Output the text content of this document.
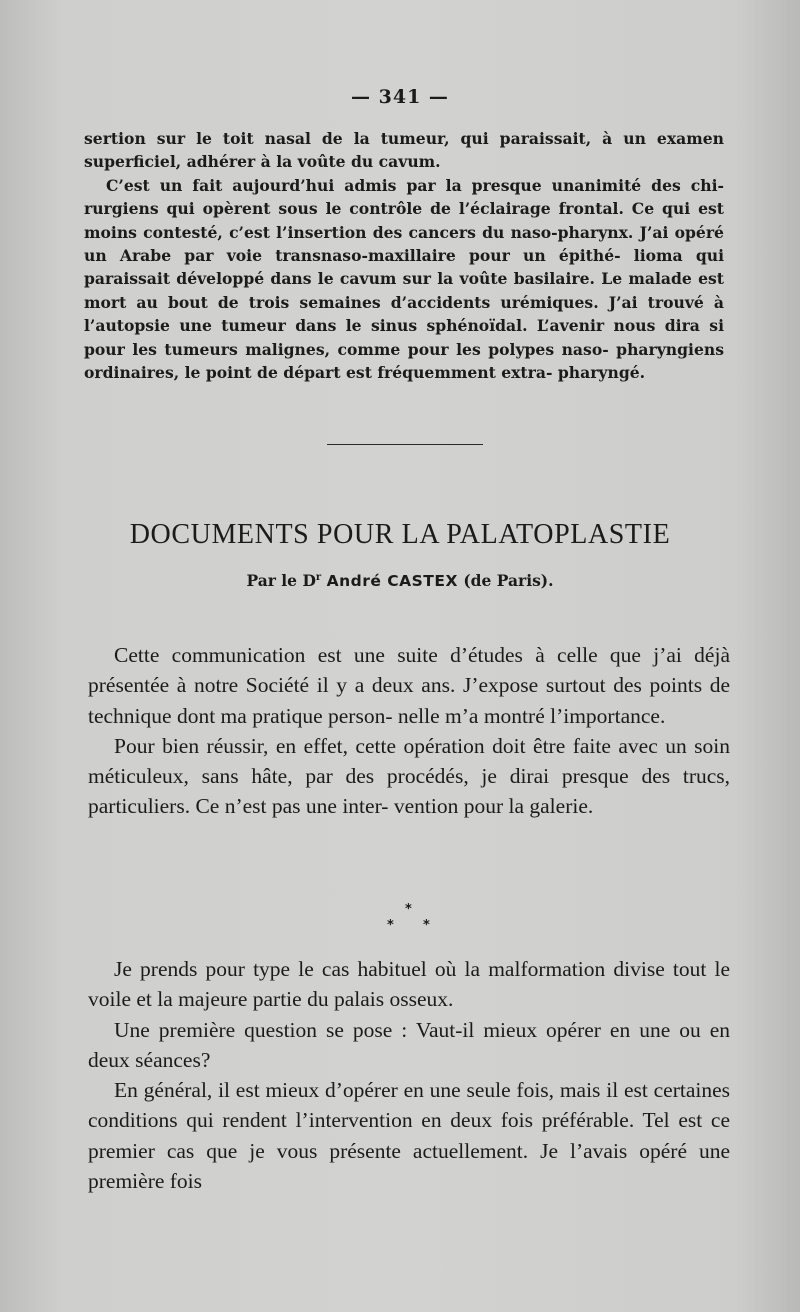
— 341 —

sertion sur le toit nasal de la tumeur, qui paraissait, à un examen superficiel, adhérer à la voûte du cavum.

C’est un fait aujourd’hui admis par la presque unanimité des chi- rurgiens qui opèrent sous le contrôle de l’éclairage frontal. Ce qui est moins contesté, c’est l’insertion des cancers du naso-pharynx. J’ai opéré un Arabe par voie transnaso-maxillaire pour un épithé- lioma qui paraissait développé dans le cavum sur la voûte basilaire. Le malade est mort au bout de trois semaines d’accidents urémiques. J’ai trouvé à l’autopsie une tumeur dans le sinus sphénoïdal. L’avenir nous dira si pour les tumeurs malignes, comme pour les polypes naso- pharyngiens ordinaires, le point de départ est fréquemment extra- pharyngé.

DOCUMENTS POUR LA PALATOPLASTIE
Par le $D^r$ André CASTEX (de Paris).

Cette communication est une suite d’études à celle que j’ai déjà présentée à notre Société il y a deux ans. J’expose surtout des points de technique dont ma pratique person- nelle m’a montré l’importance.

Pour bien réussir, en effet, cette opération doit être faite avec un soin méticuleux, sans hâte, par des procédés, je dirai presque des trucs, particuliers. Ce n’est pas une inter- vention pour la galerie.

*
* *

Je prends pour type le cas habituel où la malformation divise tout le voile et la majeure partie du palais osseux.

Une première question se pose : Vaut-il mieux opérer en une ou en deux séances?

En général, il est mieux d’opérer en une seule fois, mais il est certaines conditions qui rendent l’intervention en deux fois préférable. Tel est ce premier cas que je vous présente actuellement. Je l’avais opéré une première fois
